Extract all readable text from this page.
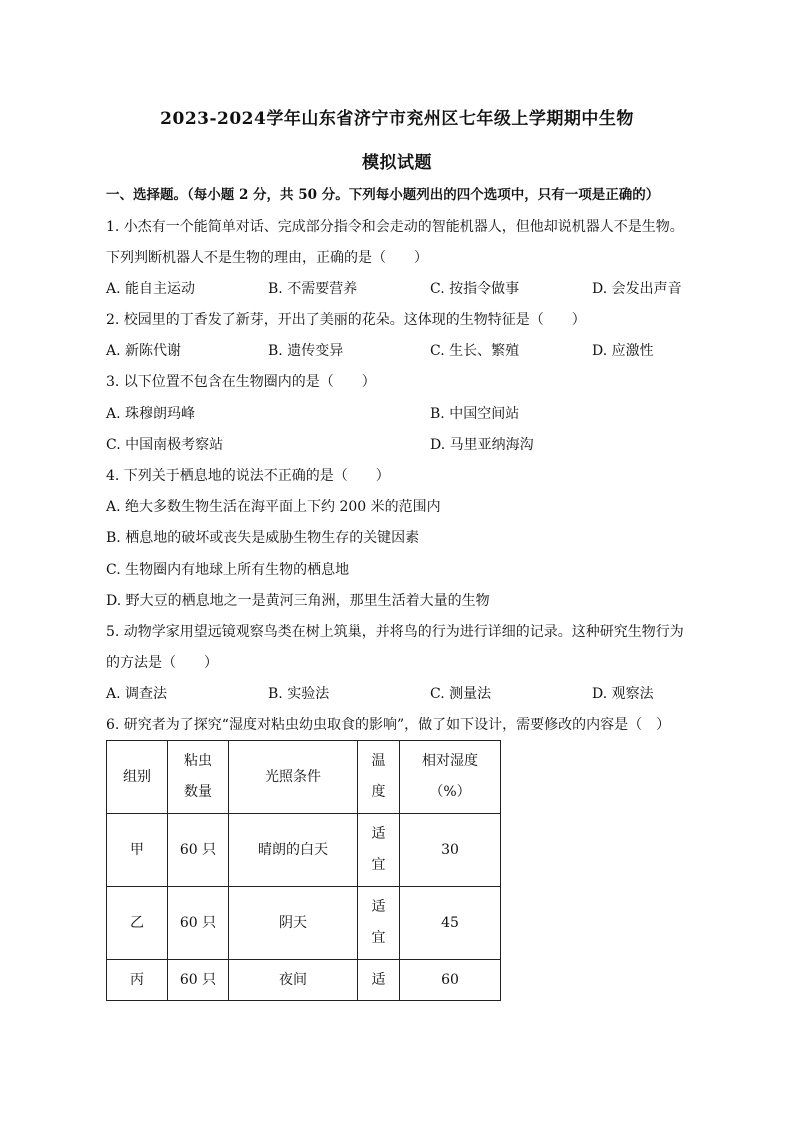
2023-2024学年山东省济宁市兖州区七年级上学期期中生物
模拟试题
一、选择题。（每小题 2 分，共 50 分。下列每小题列出的四个选项中，只有一项是正确的）
1. 小杰有一个能简单对话、完成部分指令和会走动的智能机器人，但他却说机器人不是生物。
下列判断机器人不是生物的理由，正确的是（　　）
A. 能自主运动	B. 不需要营养	C. 按指令做事	D. 会发出声音
2. 校园里的丁香发了新芽，开出了美丽的花朵。这体现的生物特征是（　　）
A. 新陈代谢	B. 遗传变异	C. 生长、繁殖	D. 应激性
3. 以下位置不包含在生物圈内的是（　　）
A. 珠穆朗玛峰	B. 中国空间站
C. 中国南极考察站	D. 马里亚纳海沟
4. 下列关于栖息地的说法不正确的是（　　）
A. 绝大多数生物生活在海平面上下约 200 米的范围内
B. 栖息地的破坏或丧失是威胁生物生存的关键因素
C. 生物圈内有地球上所有生物的栖息地
D. 野大豆的栖息地之一是黄河三角洲，那里生活着大量的生物
5. 动物学家用望远镜观察鸟类在树上筑巢，并将鸟的行为进行详细的记录。这种研究生物行为
的方法是（　　）
A. 调查法	B. 实验法	C. 测量法	D. 观察法
6. 研究者为了探究“湿度对粘虫幼虫取食的影响”，做了如下设计，需要修改的内容是（　）
组别	粘虫数量	光照条件	温度	相对湿度（%）
甲	60 只	晴朗的白天	适宜	30
乙	60 只	阴天	适宜	45
丙	60 只	夜间	适	60
